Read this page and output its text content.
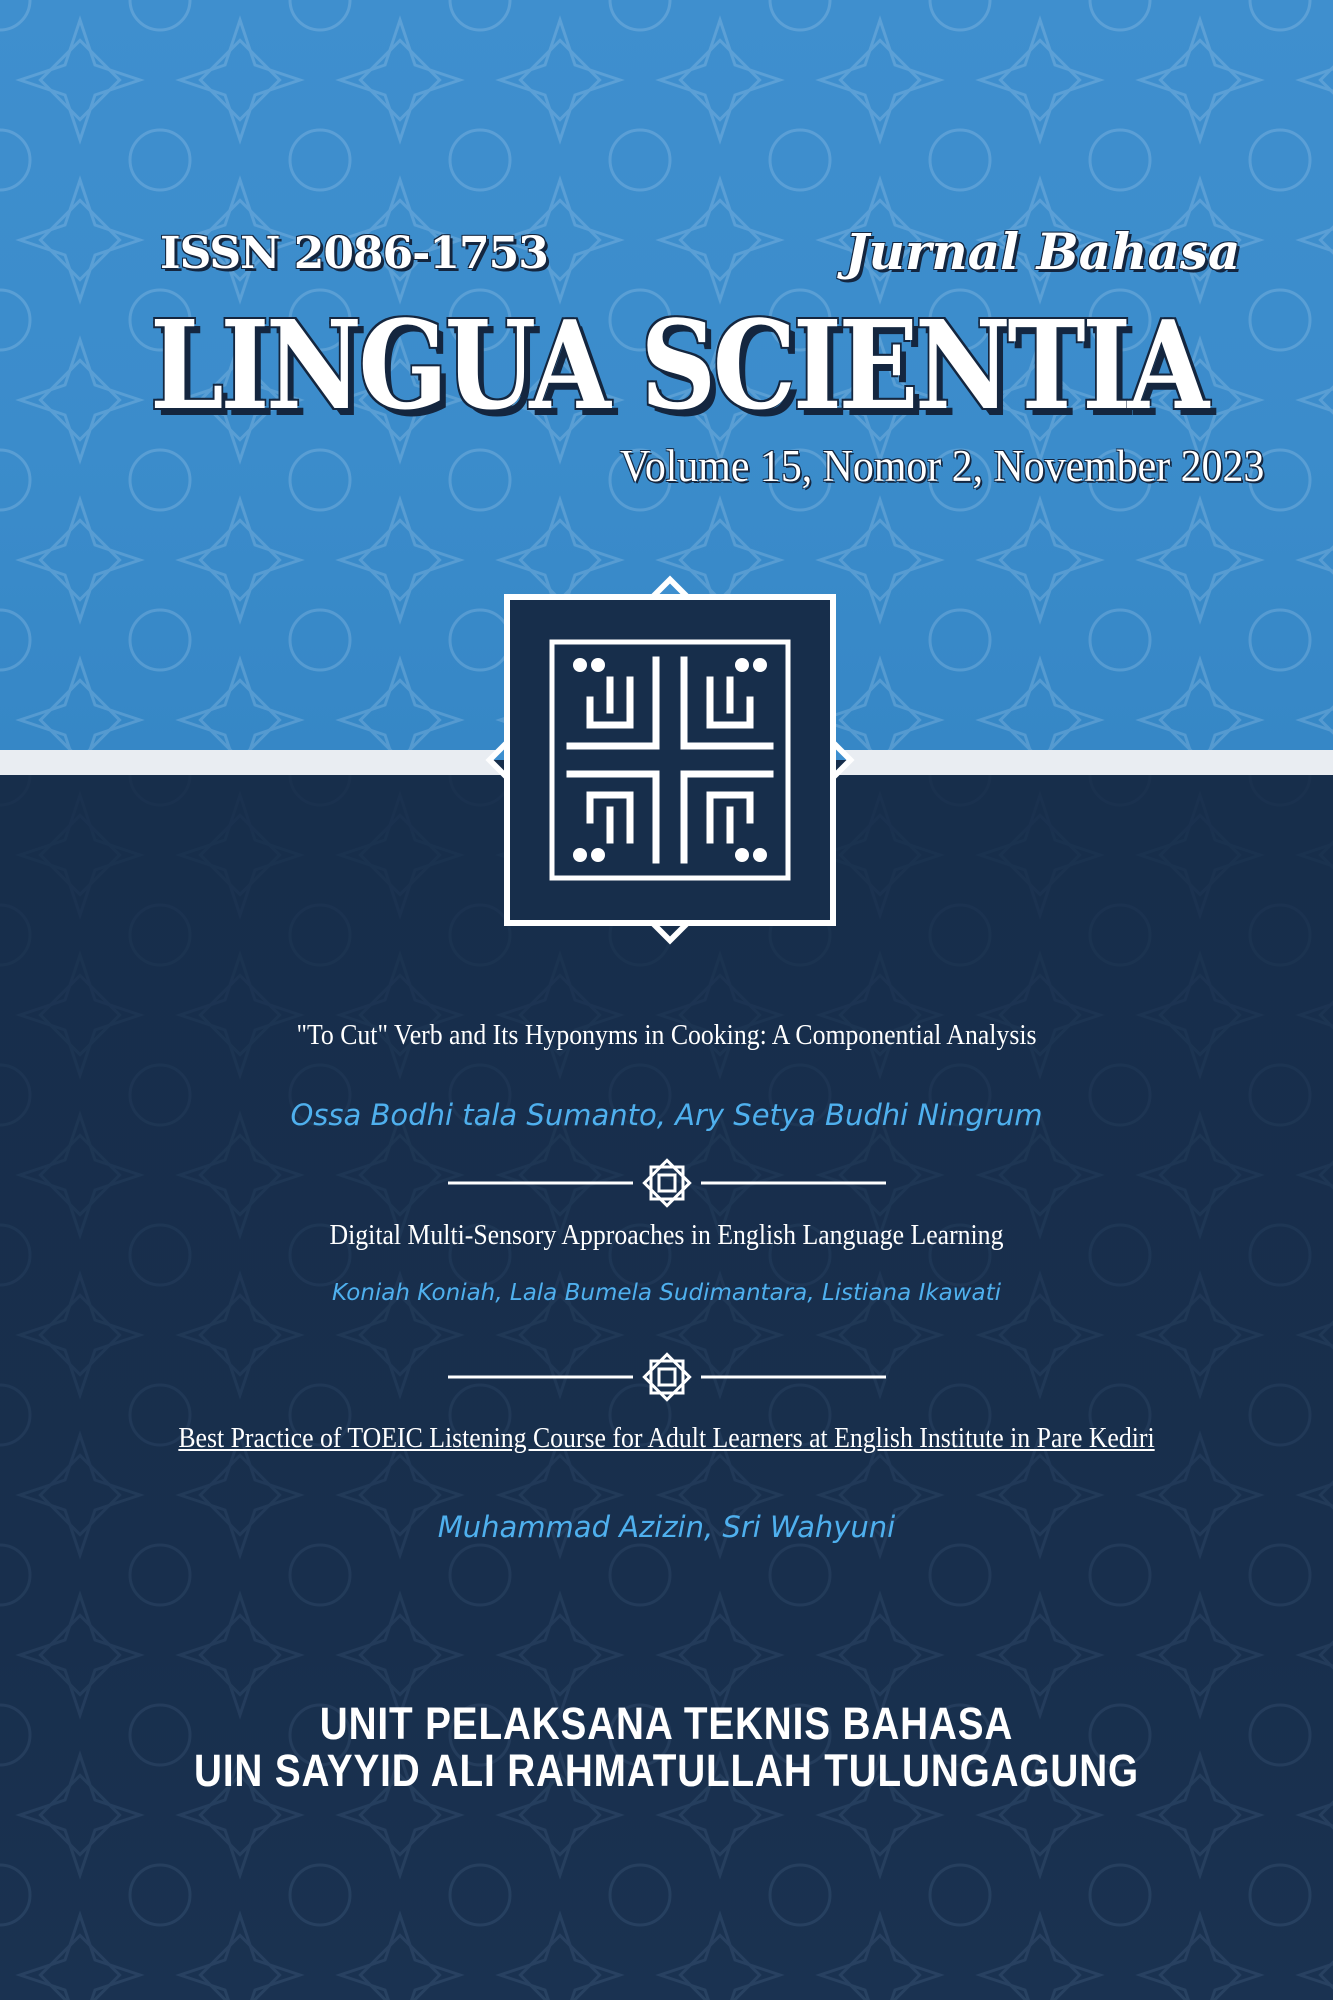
ISSN 2086-1753	Jurnal Bahasa
LINGUA SCIENTIA
Volume 15, Nomor 2, November 2023
"To Cut" Verb and Its Hyponyms in Cooking: A Componential Analysis
Ossa Bodhi tala Sumanto, Ary Setya Budhi Ningrum
Digital Multi-Sensory Approaches in English Language Learning
Koniah Koniah, Lala Bumela Sudimantara, Listiana Ikawati
Best Practice of TOEIC Listening Course for Adult Learners at English Institute in Pare Kediri
Muhammad Azizin, Sri Wahyuni
UNIT PELAKSANA TEKNIS BAHASA
UIN SAYYID ALI RAHMATULLAH TULUNGAGUNG
